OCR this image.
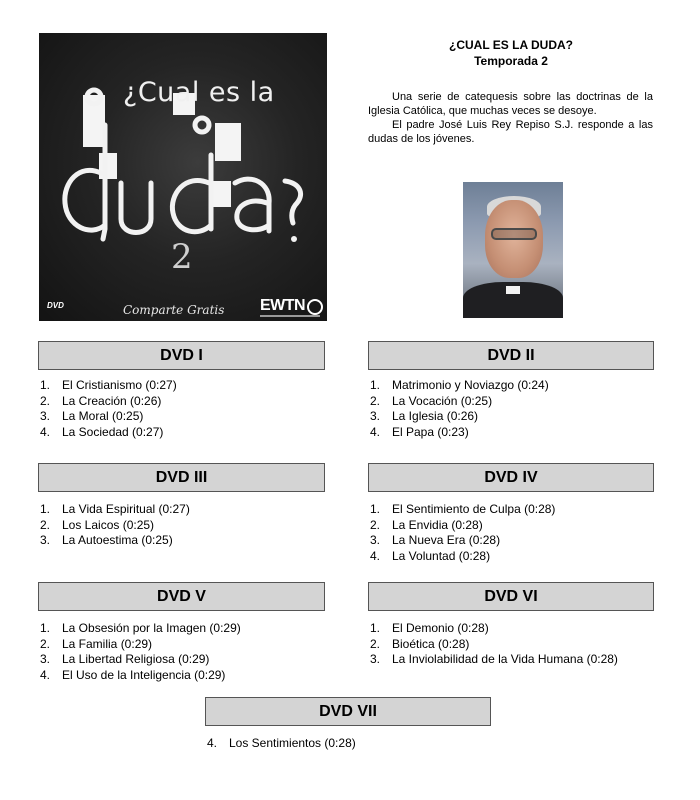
¿Cual es la
2
DVD	Comparte Gratis EWTN
¿CUAL ES LA DUDA?
Temporada 2

Una serie de catequesis sobre las doctrinas de la Iglesia Católica, que muchas veces se desoye.

El padre José Luis Rey Repiso S.J. responde a las dudas de los jóvenes.

DVD I
1. El Cristianismo (0:27)
2. La Creación (0:26)
3. La Moral (0:25)
4. La Sociedad (0:27)
DVD II
1. Matrimonio y Noviazgo (0:24)
2. La Vocación (0:25)
3. La Iglesia (0:26)
4. El Papa (0:23)
DVD III
1. La Vida Espiritual (0:27)
2. Los Laicos (0:25)
3. La Autoestima (0:25)
DVD IV
1. El Sentimiento de Culpa (0:28)
2. La Envidia (0:28)
3. La Nueva Era (0:28)
4. La Voluntad (0:28)
DVD V
1. La Obsesión por la Imagen (0:29)
2. La Familia (0:29)
3. La Libertad Religiosa (0:29)
4. El Uso de la Inteligencia (0:29)
DVD VI
1. El Demonio (0:28)
2. Bioética (0:28)
3. La Inviolabilidad de la Vida Humana (0:28)
DVD VII
4. Los Sentimientos (0:28)
